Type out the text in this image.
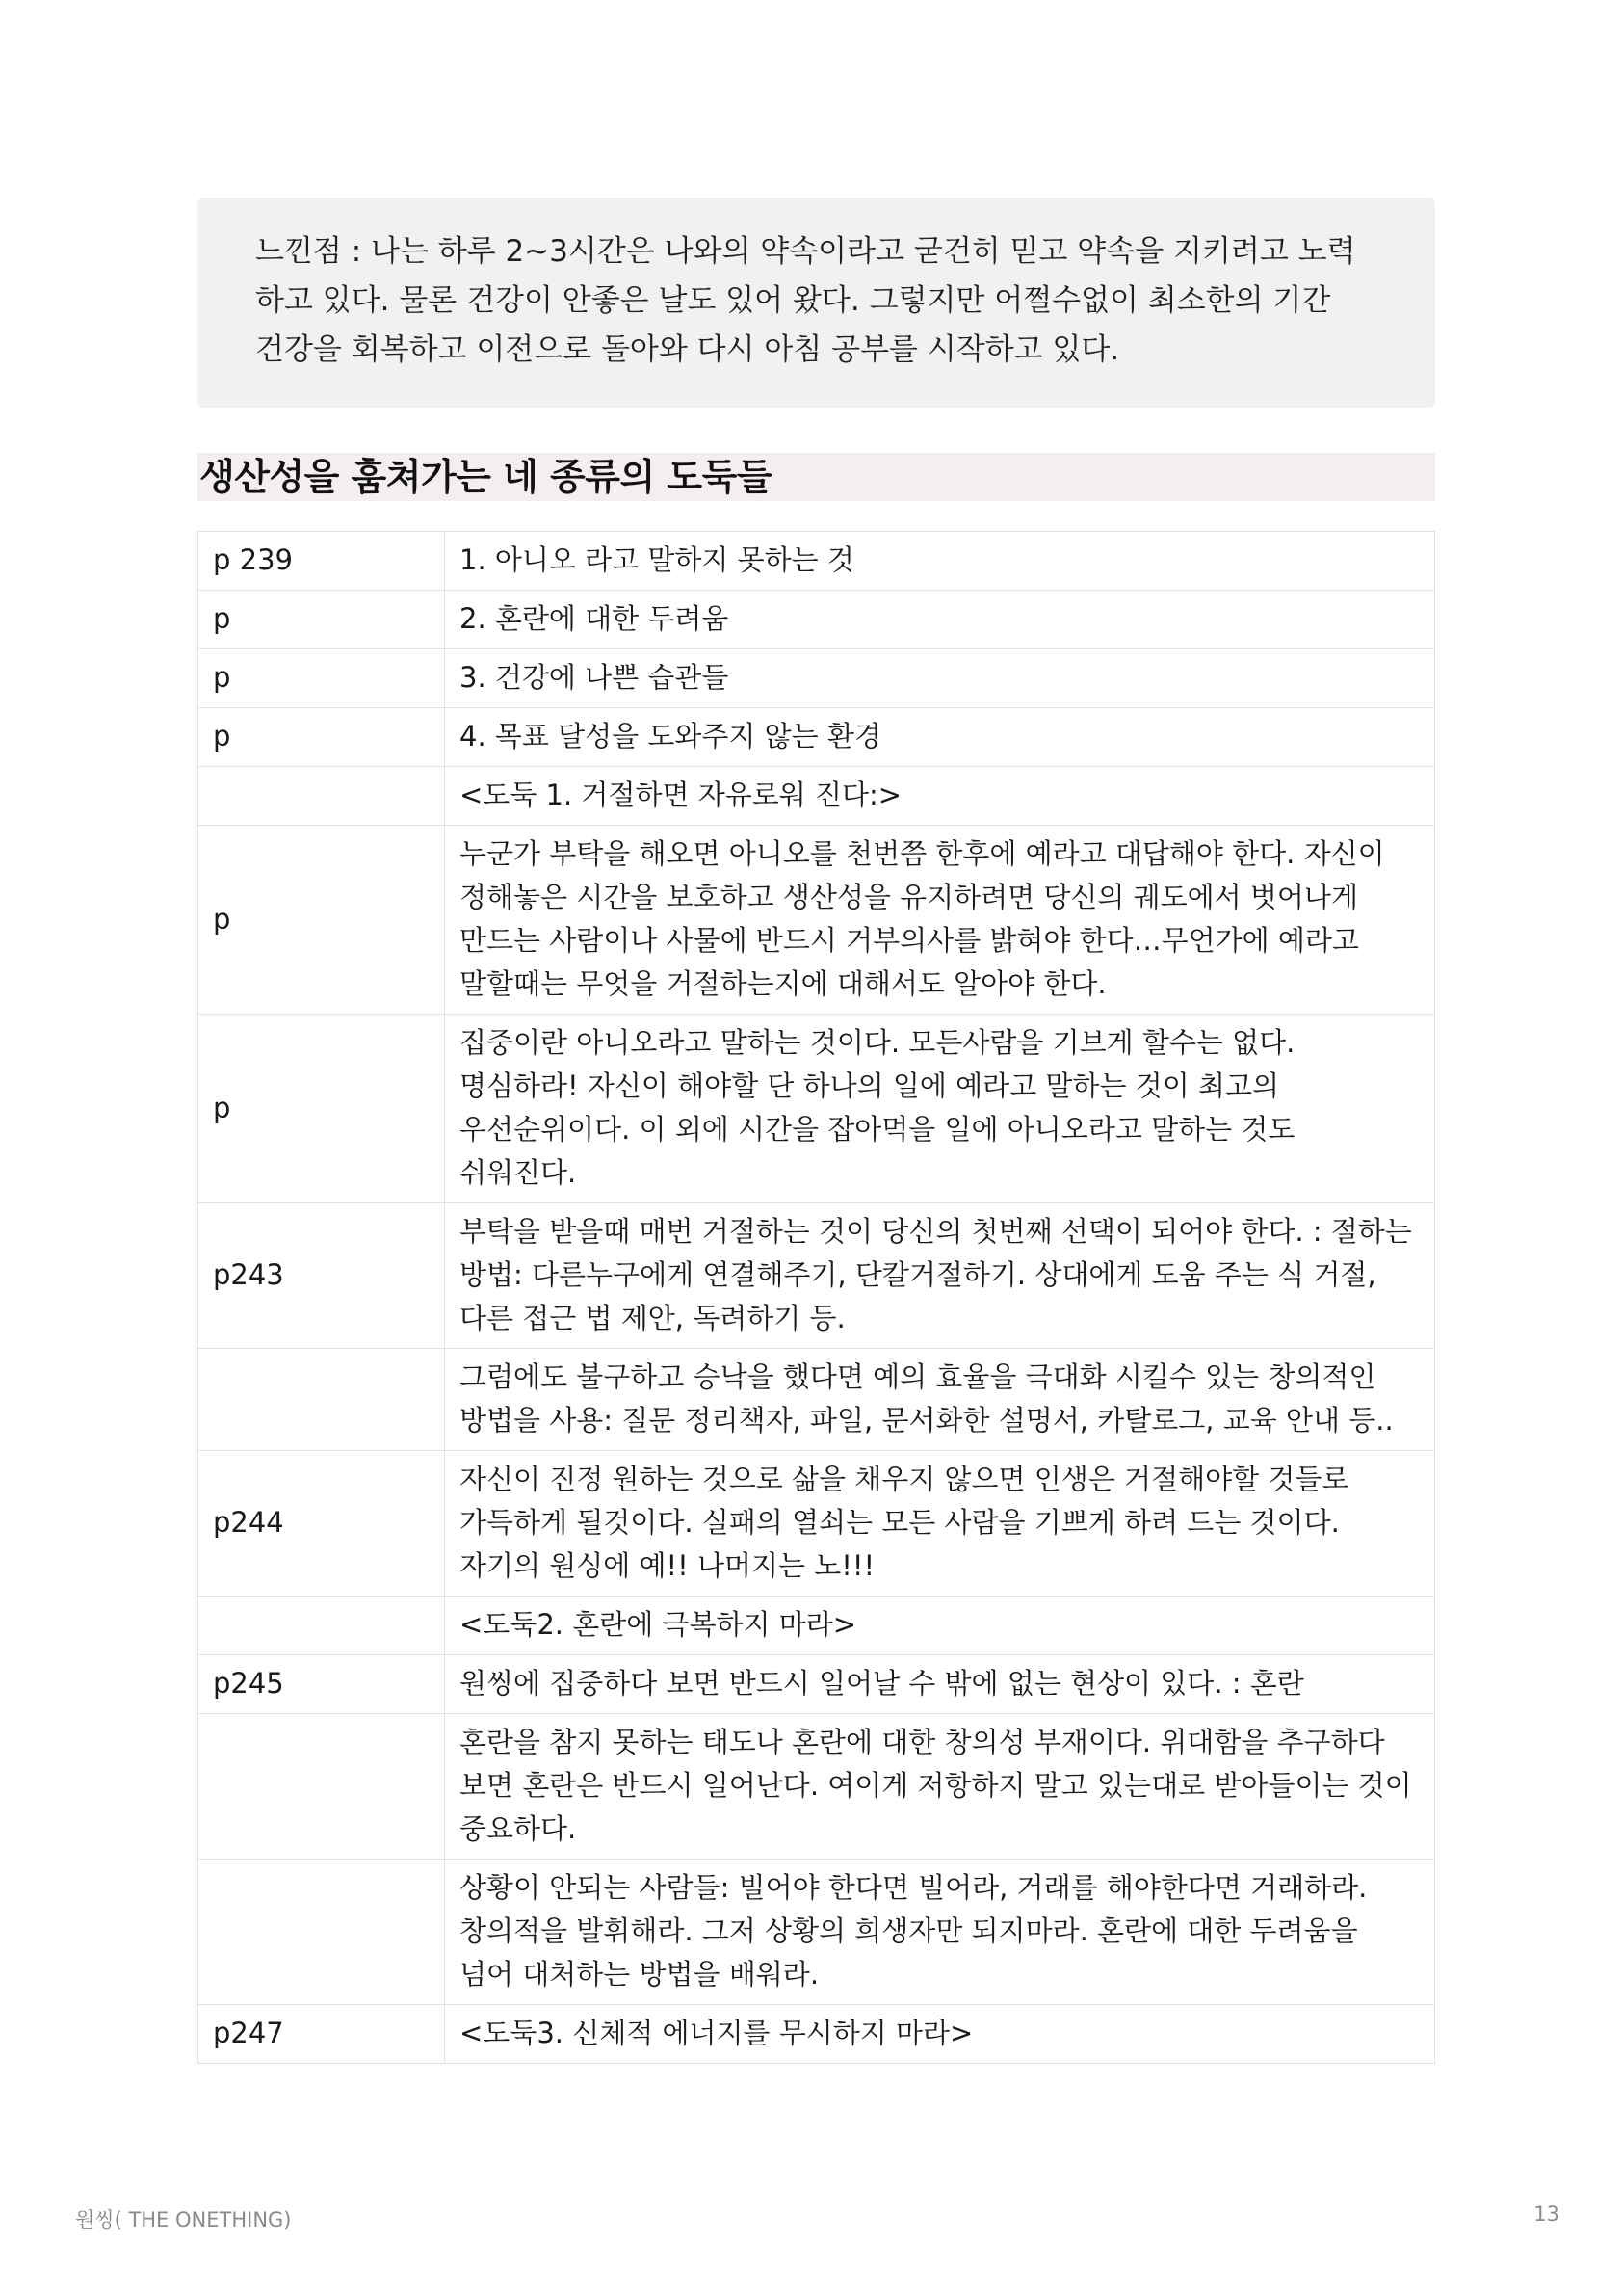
느낀점 : 나는 하루 2~3시간은 나와의 약속이라고 굳건히 믿고 약속을 지키려고 노력
하고 있다. 물론 건강이 안좋은 날도 있어 왔다. 그렇지만 어쩔수없이 최소한의 기간
건강을 회복하고 이전으로 돌아와 다시 아침 공부를 시작하고 있다.
생산성을 훔쳐가는 네 종류의 도둑들
p 239	1. 아니오 라고 말하지 못하는 것
p	2. 혼란에 대한 두려움
p	3. 건강에 나쁜 습관들
p	4. 목표 달성을 도와주지 않는 환경
	<도둑 1. 거절하면 자유로워 진다:>
p	누군가 부탁을 해오면 아니오를 천번쯤 한후에 예라고 대답해야 한다. 자신이 정해놓은 시간을 보호하고 생산성을 유지하려면 당신의 궤도에서 벗어나게 만드는 사람이나 사물에 반드시 거부의사를 밝혀야 한다…무언가에 예라고 말할때는 무엇을 거절하는지에 대해서도 알아야 한다.
p	집중이란 아니오라고 말하는 것이다. 모든사람을 기브게 할수는 없다. 명심하라! 자신이 해야할 단 하나의 일에 예라고 말하는 것이 최고의 우선순위이다. 이 외에 시간을 잡아먹을 일에 아니오라고 말하는 것도 쉬워진다.
p243	부탁을 받을때 매번 거절하는 것이 당신의 첫번째 선택이 되어야 한다. : 절하는 방법: 다른누구에게 연결해주기, 단칼거절하기. 상대에게 도움 주는 식 거절, 다른 접근 법 제안, 독려하기 등.
	그럼에도 불구하고 승낙을 했다면 예의 효율을 극대화 시킬수 있는 창의적인 방법을 사용: 질문 정리책자, 파일, 문서화한 설명서, 카탈로그, 교육 안내 등..
p244	자신이 진정 원하는 것으로 삶을 채우지 않으면 인생은 거절해야할 것들로 가득하게 될것이다. 실패의 열쇠는 모든 사람을 기쁘게 하려 드는 것이다. 자기의 원싱에 예!! 나머지는 노!!!
	<도둑2. 혼란에 극복하지 마라>
p245	원씽에 집중하다 보면 반드시 일어날 수 밖에 없는 현상이 있다. : 혼란
	혼란을 참지 못하는 태도나 혼란에 대한 창의성 부재이다. 위대함을 추구하다 보면 혼란은 반드시 일어난다. 여이게 저항하지 말고 있는대로 받아들이는 것이 중요하다.
	상황이 안되는 사람들: 빌어야 한다면 빌어라, 거래를 해야한다면 거래하라. 창의적을 발휘해라. 그저 상황의 희생자만 되지마라. 혼란에 대한 두려움을 넘어 대처하는 방법을 배워라.
p247	<도둑3. 신체적 에너지를 무시하지 마라>
원씽( THE ONETHING)	13
